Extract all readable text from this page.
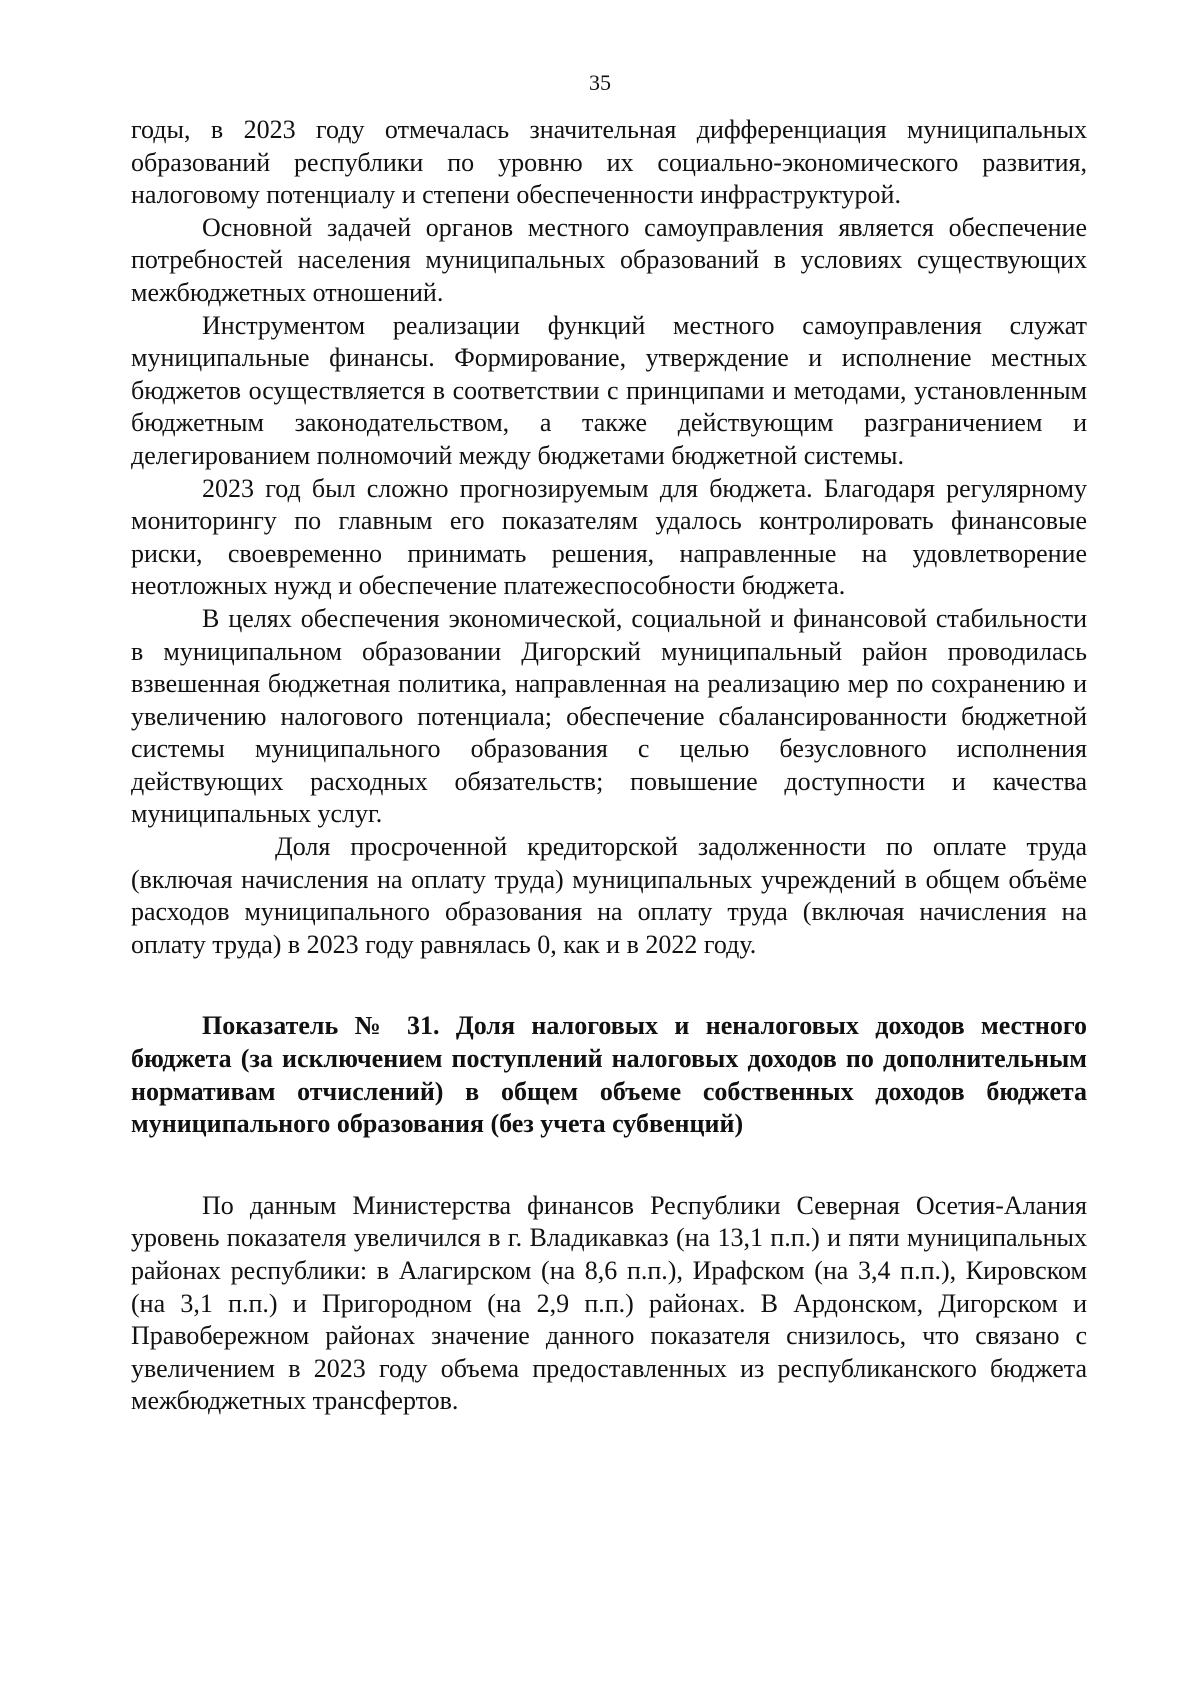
35

годы, в 2023 году отмечалась значительная дифференциация муниципальных образований республики по уровню их социально-экономического развития, налоговому потенциалу и степени обеспеченности инфраструктурой.

Основной задачей органов местного самоуправления является обеспечение потребностей населения муниципальных образований в условиях существующих межбюджетных отношений.

Инструментом реализации функций местного самоуправления служат муниципальные финансы. Формирование, утверждение и исполнение местных бюджетов осуществляется в соответствии с принципами и методами, установленным бюджетным законодательством, а также действующим разграничением и делегированием полномочий между бюджетами бюджетной системы.

2023 год был сложно прогнозируемым для бюджета. Благодаря регулярному мониторингу по главным его показателям удалось контролировать финансовые риски, своевременно принимать решения, направленные на удовлетворение неотложных нужд и обеспечение платежеспособности бюджета.

В целях обеспечения экономической, социальной и финансовой стабильности в муниципальном образовании Дигорский муниципальный район проводилась взвешенная бюджетная политика, направленная на реализацию мер по сохранению и увеличению налогового потенциала; обеспечение сбалансированности бюджетной системы муниципального образования с целью безусловного исполнения действующих расходных обязательств; повышение доступности и качества муниципальных услуг.

Доля просроченной кредиторской задолженности по оплате труда (включая начисления на оплату труда) муниципальных учреждений в общем объёме расходов муниципального образования на оплату труда (включая начисления на оплату труда) в 2023 году равнялась 0, как и в 2022 году.

Показатель № 31. Доля налоговых и неналоговых доходов местного бюджета (за исключением поступлений налоговых доходов по дополнительным нормативам отчислений) в общем объеме собственных доходов бюджета муниципального образования (без учета субвенций)

По данным Министерства финансов Республики Северная Осетия-Алания уровень показателя увеличился в г. Владикавказ (на 13,1 п.п.) и пяти муниципальных районах республики: в Алагирском (на 8,6 п.п.), Ирафском (на 3,4 п.п.), Кировском (на 3,1 п.п.) и Пригородном (на 2,9 п.п.) районах. В Ардонском, Дигорском и Правобережном районах значение данного показателя снизилось, что связано с увеличением в 2023 году объема предоставленных из республиканского бюджета межбюджетных трансфертов.
